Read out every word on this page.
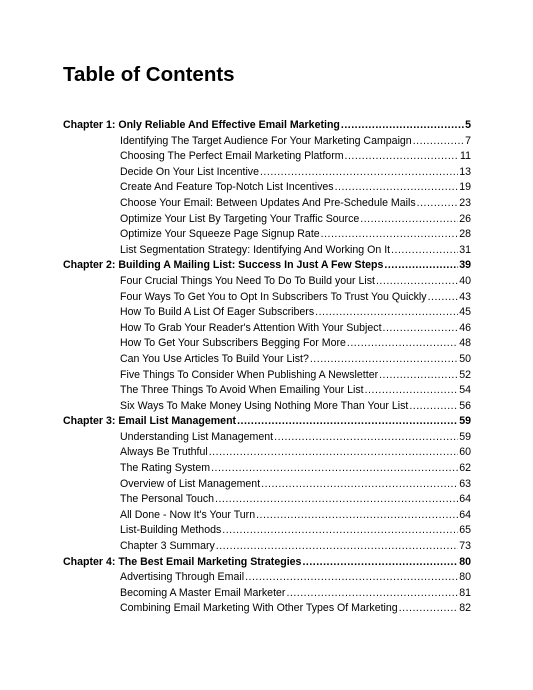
Table of Contents
Chapter 1: Only Reliable And Effective Email Marketing .....	5
Identifying The Target Audience For Your Marketing Campaign .....	7
Choosing The Perfect Email Marketing Platform .....	11
Decide On Your List Incentive .....	13
Create And Feature Top-Notch List Incentives .....	19
Choose Your Email: Between Updates And Pre-Schedule Mails .....	23
Optimize Your List By Targeting Your Traffic Source .....	26
Optimize Your Squeeze Page Signup Rate .....	28
List Segmentation Strategy: Identifying And Working On It .....	31
Chapter 2: Building A Mailing List: Success In Just A Few Steps .....	39
Four Crucial Things You Need To Do To Build your List .....	40
Four Ways To Get You to Opt In Subscribers To Trust You Quickly .....	43
How To Build A List Of Eager Subscribers .....	45
How To Grab Your Reader's Attention With Your Subject .....	46
How To Get Your Subscribers Begging For More .....	48
Can You Use Articles To Build Your List? .....	50
Five Things To Consider When Publishing A Newsletter .....	52
The Three Things To Avoid When Emailing Your List .....	54
Six Ways To Make Money Using Nothing More Than Your List .....	56
Chapter 3: Email List Management .....	59
Understanding List Management .....	59
Always Be Truthful .....	60
The Rating System .....	62
Overview of List Management .....	63
The Personal Touch .....	64
All Done - Now It's Your Turn .....	64
List-Building Methods .....	65
Chapter 3 Summary .....	73
Chapter 4: The Best Email Marketing Strategies .....	80
Advertising Through Email .....	80
Becoming A Master Email Marketer .....	81
Combining Email Marketing With Other Types Of Marketing .....	82
